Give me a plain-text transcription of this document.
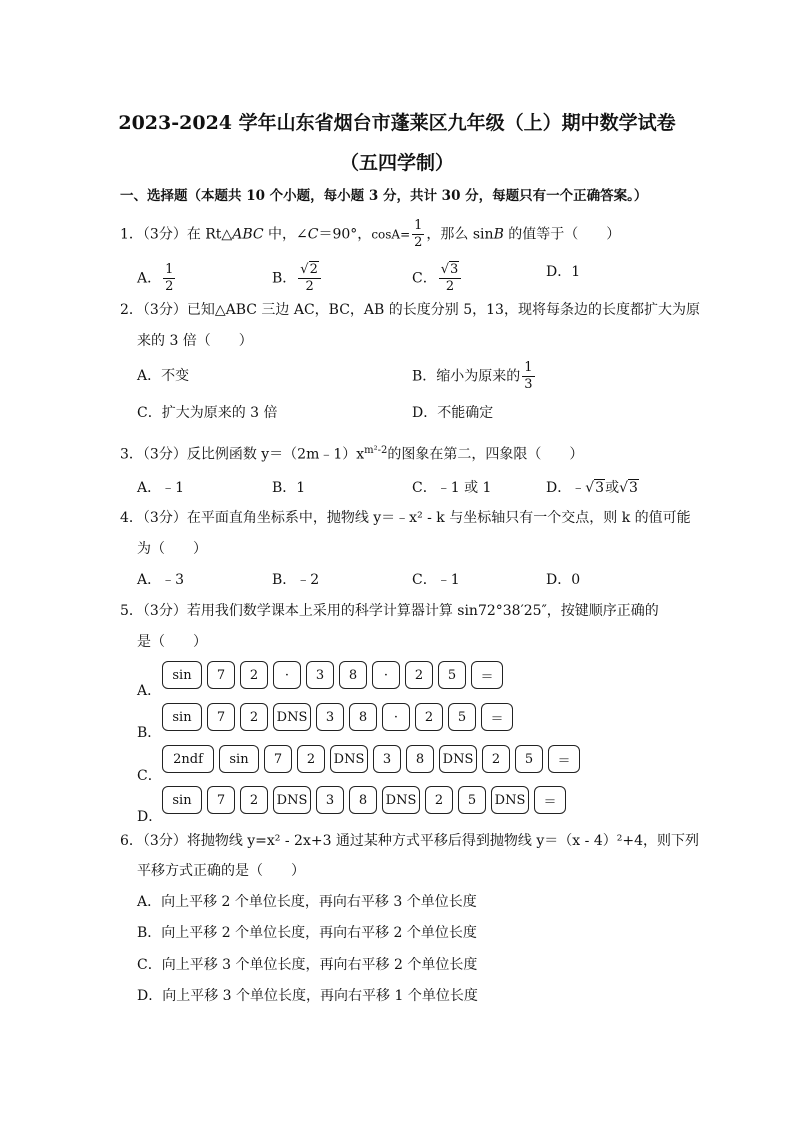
2023-2024 学年山东省烟台市蓬莱区九年级（上）期中数学试卷
（五四学制）
一、选择题（本题共 10 个小题，每小题 3 分，共计 30 分，每题只有一个正确答案。）
1．（3分）在 Rt△ABC 中，∠C＝90°，$\cos A= \frac{1}{2}$ ，那么 sinB 的值等于（　　）
A． $\frac{1}{2}$	B． $\frac{√2}{2}$	C． $\frac{√3}{2}$	D．1
2．（3分）已知△ABC 三边 AC，BC，AB 的长度分别 5，13，现将每条边的长度都扩大为原
来的 3 倍（　　）
A．不变	B．缩小为原来的 $\frac{1}{3}$
C．扩大为原来的 3 倍	D．不能确定
3．（3分）反比例函数 $y=(2m﹣1)x^{m^2-2}$的图象在第二，四象限（　　）
A．﹣1	B．1	C．﹣1 或 1	D．﹣√3或√3
4．（3分）在平面直角坐标系中，抛物线 y＝﹣x² - k 与坐标轴只有一个交点，则 k 的值可能
为（　　）
A．﹣3	B．﹣2	C．﹣1	D．0
5．（3分）若用我们数学课本上采用的科学计算器计算 sin72°38′25″，按键顺序正确的
是（　　）
A．
sin	7	2	·	3	8	·	2	5	＝
B．
sin	7	2	DNS	3	8	·	2	5	＝
C．
2ndf	sin	7	2	DNS	3	8	DNS	2	5	＝
D．
sin	7	2	DNS	3	8	DNS	2	5	DNS	＝
6．（3分）将抛物线 y=x² - 2x+3 通过某种方式平移后得到抛物线 y＝（x - 4）²+4，则下列
平移方式正确的是（　　）
A．向上平移 2 个单位长度，再向右平移 3 个单位长度
B．向上平移 2 个单位长度，再向右平移 2 个单位长度
C．向上平移 3 个单位长度，再向右平移 2 个单位长度
D．向上平移 3 个单位长度，再向右平移 1 个单位长度
